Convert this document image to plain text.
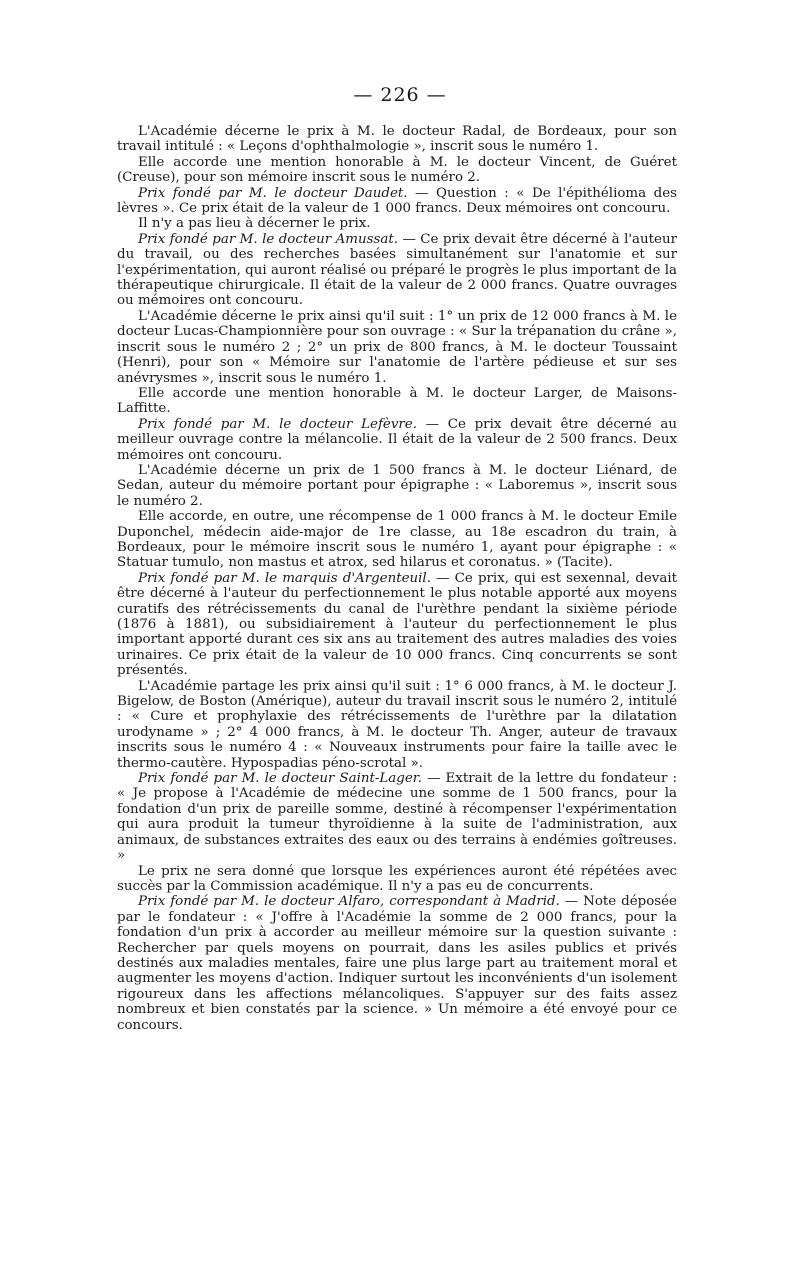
— 226 —

L'Académie décerne le prix à M. le docteur Radal, de Bordeaux, pour son travail intitulé : « Leçons d'ophthalmologie », inscrit sous le numéro 1.

Elle accorde une mention honorable à M. le docteur Vincent, de Guéret (Creuse), pour son mémoire inscrit sous le numéro 2.

Prix fondé par M. le docteur Daudet. — Question : « De l'épithélioma des lèvres ». Ce prix était de la valeur de 1 000 francs. Deux mémoires ont concouru.

Il n'y a pas lieu à décerner le prix.

Prix fondé par M. le docteur Amussat. — Ce prix devait être décerné à l'auteur du travail, ou des recherches basées simultanément sur l'anatomie et sur l'expérimentation, qui auront réalisé ou préparé le progrès le plus important de la thérapeutique chirurgicale. Il était de la valeur de 2 000 francs. Quatre ouvrages ou mémoires ont concouru.

L'Académie décerne le prix ainsi qu'il suit : 1° un prix de 12 000 francs à M. le docteur Lucas-Championnière pour son ouvrage : « Sur la trépanation du crâne », inscrit sous le numéro 2 ; 2° un prix de 800 francs, à M. le docteur Toussaint (Henri), pour son « Mémoire sur l'anatomie de l'artère pédieuse et sur ses anévrysmes », inscrit sous le numéro 1.

Elle accorde une mention honorable à M. le docteur Larger, de Maisons-Laffitte.

Prix fondé par M. le docteur Lefèvre. — Ce prix devait être décerné au meilleur ouvrage contre la mélancolie. Il était de la valeur de 2 500 francs. Deux mémoires ont concouru.

L'Académie décerne un prix de 1 500 francs à M. le docteur Liénard, de Sedan, auteur du mémoire portant pour épigraphe : « Laboremus », inscrit sous le numéro 2.

Elle accorde, en outre, une récompense de 1 000 francs à M. le docteur Emile Duponchel, médecin aide-major de 1re classe, au 18e escadron du train, à Bordeaux, pour le mémoire inscrit sous le numéro 1, ayant pour épigraphe : « Statuar tumulo, non mastus et atrox, sed hilarus et coronatus. » (Tacite).

Prix fondé par M. le marquis d'Argenteuil. — Ce prix, qui est sexennal, devait être décerné à l'auteur du perfectionnement le plus notable apporté aux moyens curatifs des rétrécissements du canal de l'urèthre pendant la sixième période (1876 à 1881), ou subsidiairement à l'auteur du perfectionnement le plus important apporté durant ces six ans au traitement des autres maladies des voies urinaires. Ce prix était de la valeur de 10 000 francs. Cinq concurrents se sont présentés.

L'Académie partage les prix ainsi qu'il suit : 1° 6 000 francs, à M. le docteur J. Bigelow, de Boston (Amérique), auteur du travail inscrit sous le numéro 2, intitulé : « Cure et prophylaxie des rétrécissements de l'urèthre par la dilatation urodyname » ; 2° 4 000 francs, à M. le docteur Th. Anger, auteur de travaux inscrits sous le numéro 4 : « Nouveaux instruments pour faire la taille avec le thermo-cautère. Hypospadias péno-scrotal ».

Prix fondé par M. le docteur Saint-Lager. — Extrait de la lettre du fondateur : « Je propose à l'Académie de médecine une somme de 1 500 francs, pour la fondation d'un prix de pareille somme, destiné à récompenser l'expérimentation qui aura produit la tumeur thyroïdienne à la suite de l'administration, aux animaux, de substances extraites des eaux ou des terrains à endémies goîtreuses. »

Le prix ne sera donné que lorsque les expériences auront été répétées avec succès par la Commission académique. Il n'y a pas eu de concurrents.

Prix fondé par M. le docteur Alfaro, correspondant à Madrid. — Note déposée par le fondateur : « J'offre à l'Académie la somme de 2 000 francs, pour la fondation d'un prix à accorder au meilleur mémoire sur la question suivante : Rechercher par quels moyens on pourrait, dans les asiles publics et privés destinés aux maladies mentales, faire une plus large part au traitement moral et augmenter les moyens d'action. Indiquer surtout les inconvénients d'un isolement rigoureux dans les affections mélancoliques. S'appuyer sur des faits assez nombreux et bien constatés par la science. » Un mémoire a été envoyé pour ce concours.
